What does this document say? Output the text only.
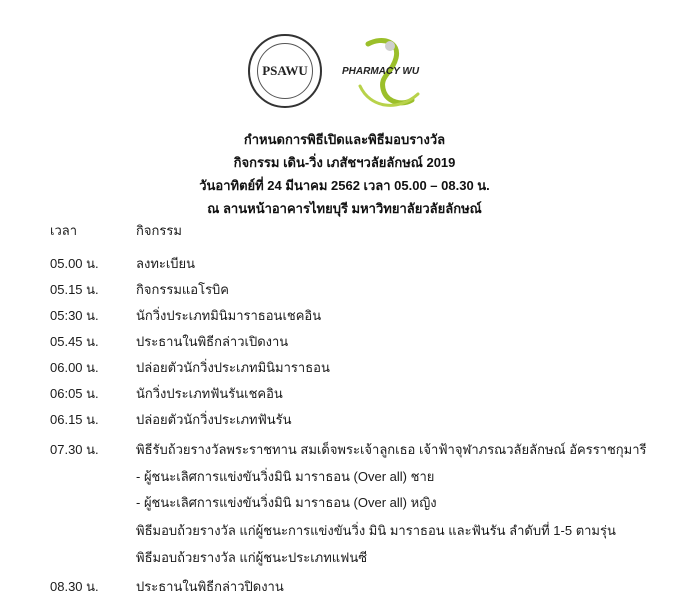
PSAWU	PHARMACY WU
กำหนดการพิธีเปิดและพิธีมอบรางวัล
กิจกรรม เดิน-วิ่ง เภสัชฯวลัยลักษณ์ 2019
วันอาทิตย์ที่ 24 มีนาคม 2562 เวลา 05.00 – 08.30 น.
ณ ลานหน้าอาคารไทยบุรี มหาวิทยาลัยวลัยลักษณ์
เวลา	กิจกรรม
05.00 น.	ลงทะเบียน
05.15 น.	กิจกรรมแอโรบิค
05:30 น.	นักวิ่งประเภทมินิมาราธอนเชคอิน
05.45 น.	ประธานในพิธีกล่าวเปิดงาน
06.00 น.	ปล่อยตัวนักวิ่งประเภทมินิมาราธอน
06:05 น.	นักวิ่งประเภทฟันรันเชคอิน
06.15 น.	ปล่อยตัวนักวิ่งประเภทฟันรัน
07.30 น.	พิธีรับถ้วยรางวัลพระราชทาน สมเด็จพระเจ้าลูกเธอ เจ้าฟ้าจุฬาภรณวลัยลักษณ์ อัครราชกุมารี
- ผู้ชนะเลิศการแข่งขันวิ่งมินิ มาราธอน (Over all) ชาย
- ผู้ชนะเลิศการแข่งขันวิ่งมินิ มาราธอน (Over all) หญิง
พิธีมอบถ้วยรางวัล แก่ผู้ชนะการแข่งขันวิ่ง มินิ มาราธอน และฟันรัน ลำดับที่ 1-5 ตามรุ่น
พิธีมอบถ้วยรางวัล แก่ผู้ชนะประเภทแฟนซี
08.30 น.	ประธานในพิธีกล่าวปิดงาน
